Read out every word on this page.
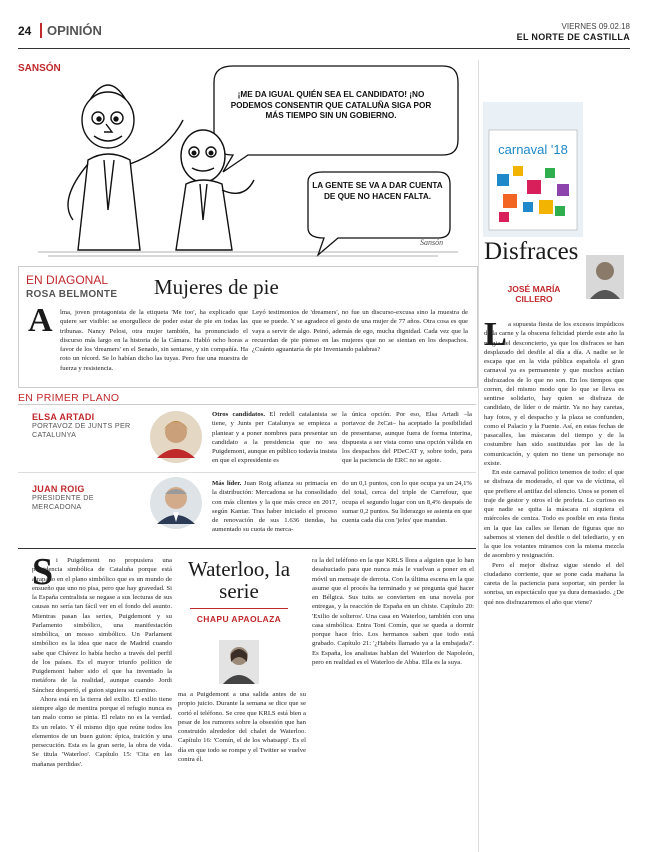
24	OPINIÓN	VIERNES 09.02.18
EL NORTE DE CASTILLA
SANSÓN
¡ME DA IGUAL QUIÉN SEA EL CANDIDATO! ¡NO PODEMOS CONSENTIR QUE CATALUÑA SIGA POR MÁS TIEMPO SIN UN GOBIERNO.
LA GENTE SE VA A DAR CUENTA DE QUE NO HACEN FALTA.
Sansón
carnaval '18
Disfraces
JOSÉ MARÍA CILLERO
L a supuesta fiesta de los excesos impúdicos de la carne y la obscena felicidad pierde este año la magia del desconcierto, ya que los disfraces se han desplazado del desfile al día a día. A nadie se le escapa que en la vida pública española el gran carnaval ya es permanente y que muchos actúan disfrazados de lo que no son. En los tiempos que corren, del mismo modo que lo que se lleva es sentirse solidario, hay quien se disfraza de candidato, de líder o de mártir. Ya no hay caretas, hay fotos, y el despacho y la plaza se confunden, como el Palacio y la Fuente. Así, en estas fechas de pasacalles, las máscaras del tiempo y de la costumbre han sido sustituidas por las de la comunicación, y quien no tiene un personaje no existe.

En este carnaval político tenemos de todo: el que se disfraza de moderado, el que va de víctima, el que prefiere el antifaz del silencio. Unos se ponen el traje de gestor y otros el de profeta. Lo curioso es que nadie se quita la máscara ni siquiera el miércoles de ceniza. Todo es posible en esta fiesta en la que las calles se llenan de figuras que no sabemos si vienen del desfile o del telediario, y en la que los votantes miramos con la misma mezcla de asombro y resignación.

Pero el mejor disfraz sigue siendo el del ciudadano corriente, que se pone cada mañana la careta de la paciencia para soportar, sin perder la sonrisa, un espectáculo que ya dura demasiado. ¿De qué nos disfrazaremos el año que viene?

EN DIAGONAL
ROSA BELMONTE Mujeres de pie
A lma, joven protagonista de la etiqueta 'Me too', ha explicado que quiere ser visible: se enorgullece de poder estar de pie en todas las tribunas. Nancy Pelosi, otra mujer también, ha pronunciado el discurso más largo en la historia de la Cámara. Habló ocho horas a favor de los 'dreamers' en el Senado, sin sentarse, y sin compañía. Ha roto un récord. Se lo habían dicho las tuyas. Pero fue una muestra de fuerza y resistencia.
Leyó testimonios de 'dreamers', no fue un discurso-excusa sino la muestra de que se puede. Y se agradece el gesto de una mujer de 77 años. Otra cosa es que vaya a servir de algo. Peinó, además de ego, mucha dignidad. Cada vez que la recuerdan de pie pienso en las mujeres que no se sientan en los despachos. ¿Cuánto aguantaría de pie Inventando palabras?
EN PRIMER PLANO
ELSA ARTADI
PORTAVOZ DE JUNTS PER CATALUNYA
Otros candidatos. El redell catalanista se tiene, y Junts per Catalunya se empieza a plantear y a poner nombres para presentar un candidato a la presidencia que no sea Puigdemont, aunque en público todavía insista en que el expresidente es
la única opción. Por eso, Elsa Artadi –la portavoz de JxCat– ha aceptado la posibilidad de presentarse, aunque fuera de forma interina, dispuesta a ser vista como una opción válida en los despachos del PDeCAT y, sobre todo, para que la paciencia de ERC no se agote.
JUAN ROIG
PRESIDENTE DE MERCADONA
Más líder. Juan Roig afianza su primacía en la distribución: Mercadona se ha consolidado con más clientes y la que más crece en 2017, según Kantar. Tras haber iniciado el proceso de renovación de sus 1.636 tiendas, ha aumentado su cuota de merca-
do un 0,1 puntos, con lo que ocupa ya un 24,1% del total, cerca del triple de Carrefour, que ocupa el segundo lugar con un 8,4% después de sumar 0,2 puntos. Su liderazgo se asienta en que cuenta cada día con 'jefes' que mandan.
S i Puigdemont no propusiera una presidencia simbólica de Cataluña porque está atrapado en el plano simbólico que es un mundo de ensueño que uno no pisa, pero que hay gravedad. Si la España centralista se negase a sus lecturas de sus causas no sería tan fácil ver en el fondo del asunto. Mientras pasan las series, Puigdemont y su Parlamento simbólico, una manifestación simbólica, un mosso simbólico. Un Parlament simbólico es la idea que nace de Madrid cuando sabe que Chávez lo había hecho a través del perfil de los países. Es el mayor triunfo político de Puigdemont haber sido el que ha inventado la metáfora de la realidad, aunque cuando Jordi Sánchez despertó, el guion siguiera su camino.

Ahora está en la tierra del exilio. El exilio tiene siempre algo de mentira porque el refugio nunca es tan malo como se pinta. El relato no es la verdad. Es un relato. Y él mismo dijo que reúne todos los elementos de un buen guion: épica, traición y una persecución. Esta es la gran serie, la obra de vida. Se titula 'Waterloo'. Capítulo 15: 'Cita en las mañanas perdidas'.

Waterloo, la serie
CHAPU APAOLAZA
ma a Puigdemont a una salida antes de su propio juicio. Durante la semana se dice que se cortó el teléfono. Se cree que KRLS está bien a pesar de los rumores sobre la obsesión que han construido alrededor del chalet de Waterloo. Capítulo 16: 'Comín, el de los whatsapp'. Es el día en que todo se rompe y el Twitter se vuelve contra él.
ra la del teléfono en la que KRLS llora a alguien que lo han desahuciado para que nunca más le vuelvan a poner en el móvil un mensaje de derrota. Con la última escena en la que asume que el procés ha terminado y se pregunta qué hacer en Bélgica. Sus tuits se convierten en una novela por entregas, y la reacción de España en un chiste. Capítulo 20: 'Exilio de solteros'. Una casa en Waterloo, también con una casa simbólica. Entra Toni Comín, que se queda a dormir porque hace frío. Los hermanos saben que todo está grabado. Capítulo 21: '¿Habéis llamado ya a la embajada?'. Es España, los analistas hablan del Waterloo de Napoleón, pero en realidad es el Waterloo de Abba. Ella es la suya.
